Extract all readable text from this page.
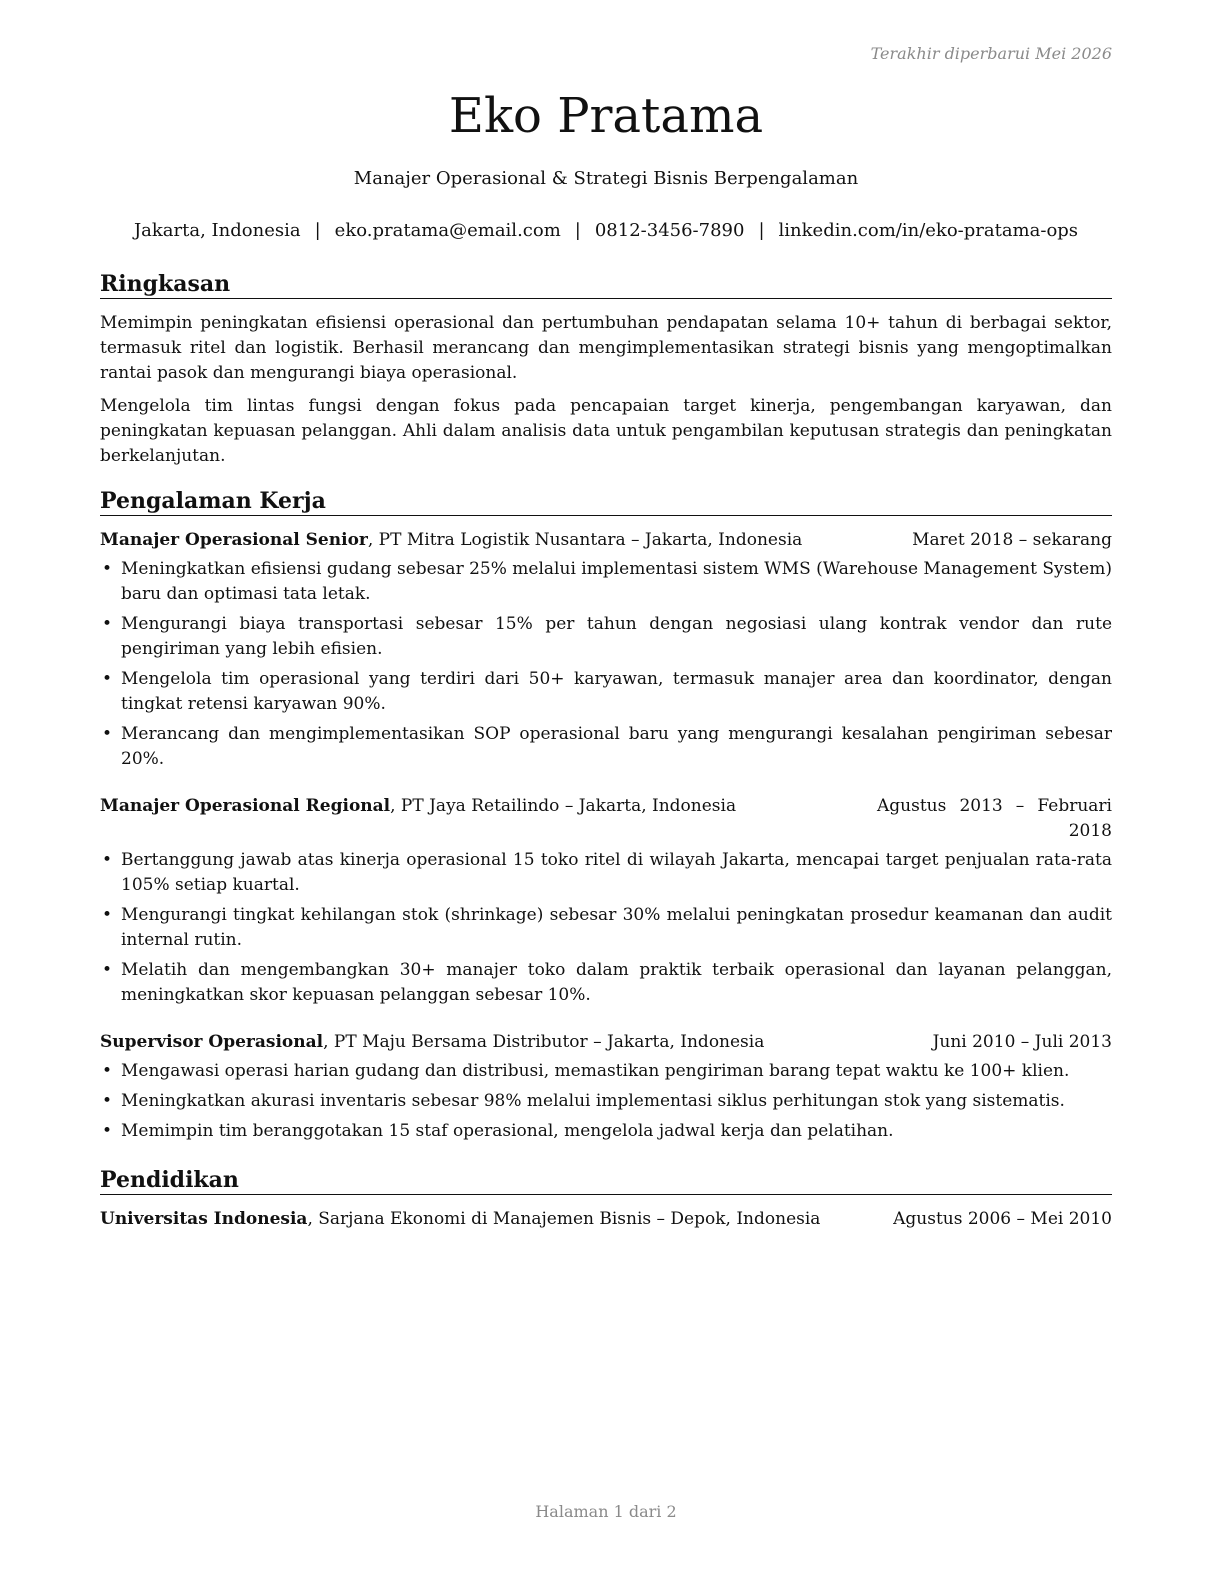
Terakhir diperbarui Mei 2026
Eko Pratama
Manajer Operasional & Strategi Bisnis Berpengalaman
Jakarta, Indonesia | eko.pratama@email.com | 0812-3456-7890 | linkedin.com/in/eko-pratama-ops
Ringkasan

Memimpin peningkatan efisiensi operasional dan pertumbuhan pendapatan selama 10+ tahun di berbagai sektor, termasuk ritel dan logistik. Berhasil merancang dan mengimplementasikan strategi bisnis yang mengoptimalkan rantai pasok dan mengurangi biaya operasional.

Mengelola tim lintas fungsi dengan fokus pada pencapaian target kinerja, pengembangan karyawan, dan peningkatan kepuasan pelanggan. Ahli dalam analisis data untuk pengambilan keputusan strategis dan peningkatan berkelanjutan.

Pengalaman Kerja
Manajer Operasional Senior, PT Mitra Logistik Nusantara – Jakarta, Indonesia	Maret 2018 – sekarang
• Meningkatkan efisiensi gudang sebesar 25% melalui implementasi sistem WMS (Warehouse Management System) baru dan optimasi tata letak.
• Mengurangi biaya transportasi sebesar 15% per tahun dengan negosiasi ulang kontrak vendor dan rute pengiriman yang lebih efisien.
• Mengelola tim operasional yang terdiri dari 50+ karyawan, termasuk manajer area dan koordinator, dengan tingkat retensi karyawan 90%.
• Merancang dan mengimplementasikan SOP operasional baru yang mengurangi kesalahan pengiriman sebesar 20%.
Manajer Operasional Regional, PT Jaya Retailindo – Jakarta, Indonesia	Agustus 2013 – Februari 2018
• Bertanggung jawab atas kinerja operasional 15 toko ritel di wilayah Jakarta, mencapai target penjualan rata-rata 105% setiap kuartal.
• Mengurangi tingkat kehilangan stok (shrinkage) sebesar 30% melalui peningkatan prosedur keamanan dan audit internal rutin.
• Melatih dan mengembangkan 30+ manajer toko dalam praktik terbaik operasional dan layanan pelanggan, meningkatkan skor kepuasan pelanggan sebesar 10%.
Supervisor Operasional, PT Maju Bersama Distributor – Jakarta, Indonesia	Juni 2010 – Juli 2013
• Mengawasi operasi harian gudang dan distribusi, memastikan pengiriman barang tepat waktu ke 100+ klien.
• Meningkatkan akurasi inventaris sebesar 98% melalui implementasi siklus perhitungan stok yang sistematis.
• Memimpin tim beranggotakan 15 staf operasional, mengelola jadwal kerja dan pelatihan.
Pendidikan
Universitas Indonesia, Sarjana Ekonomi di Manajemen Bisnis – Depok, Indonesia	Agustus 2006 – Mei 2010
Halaman 1 dari 2
